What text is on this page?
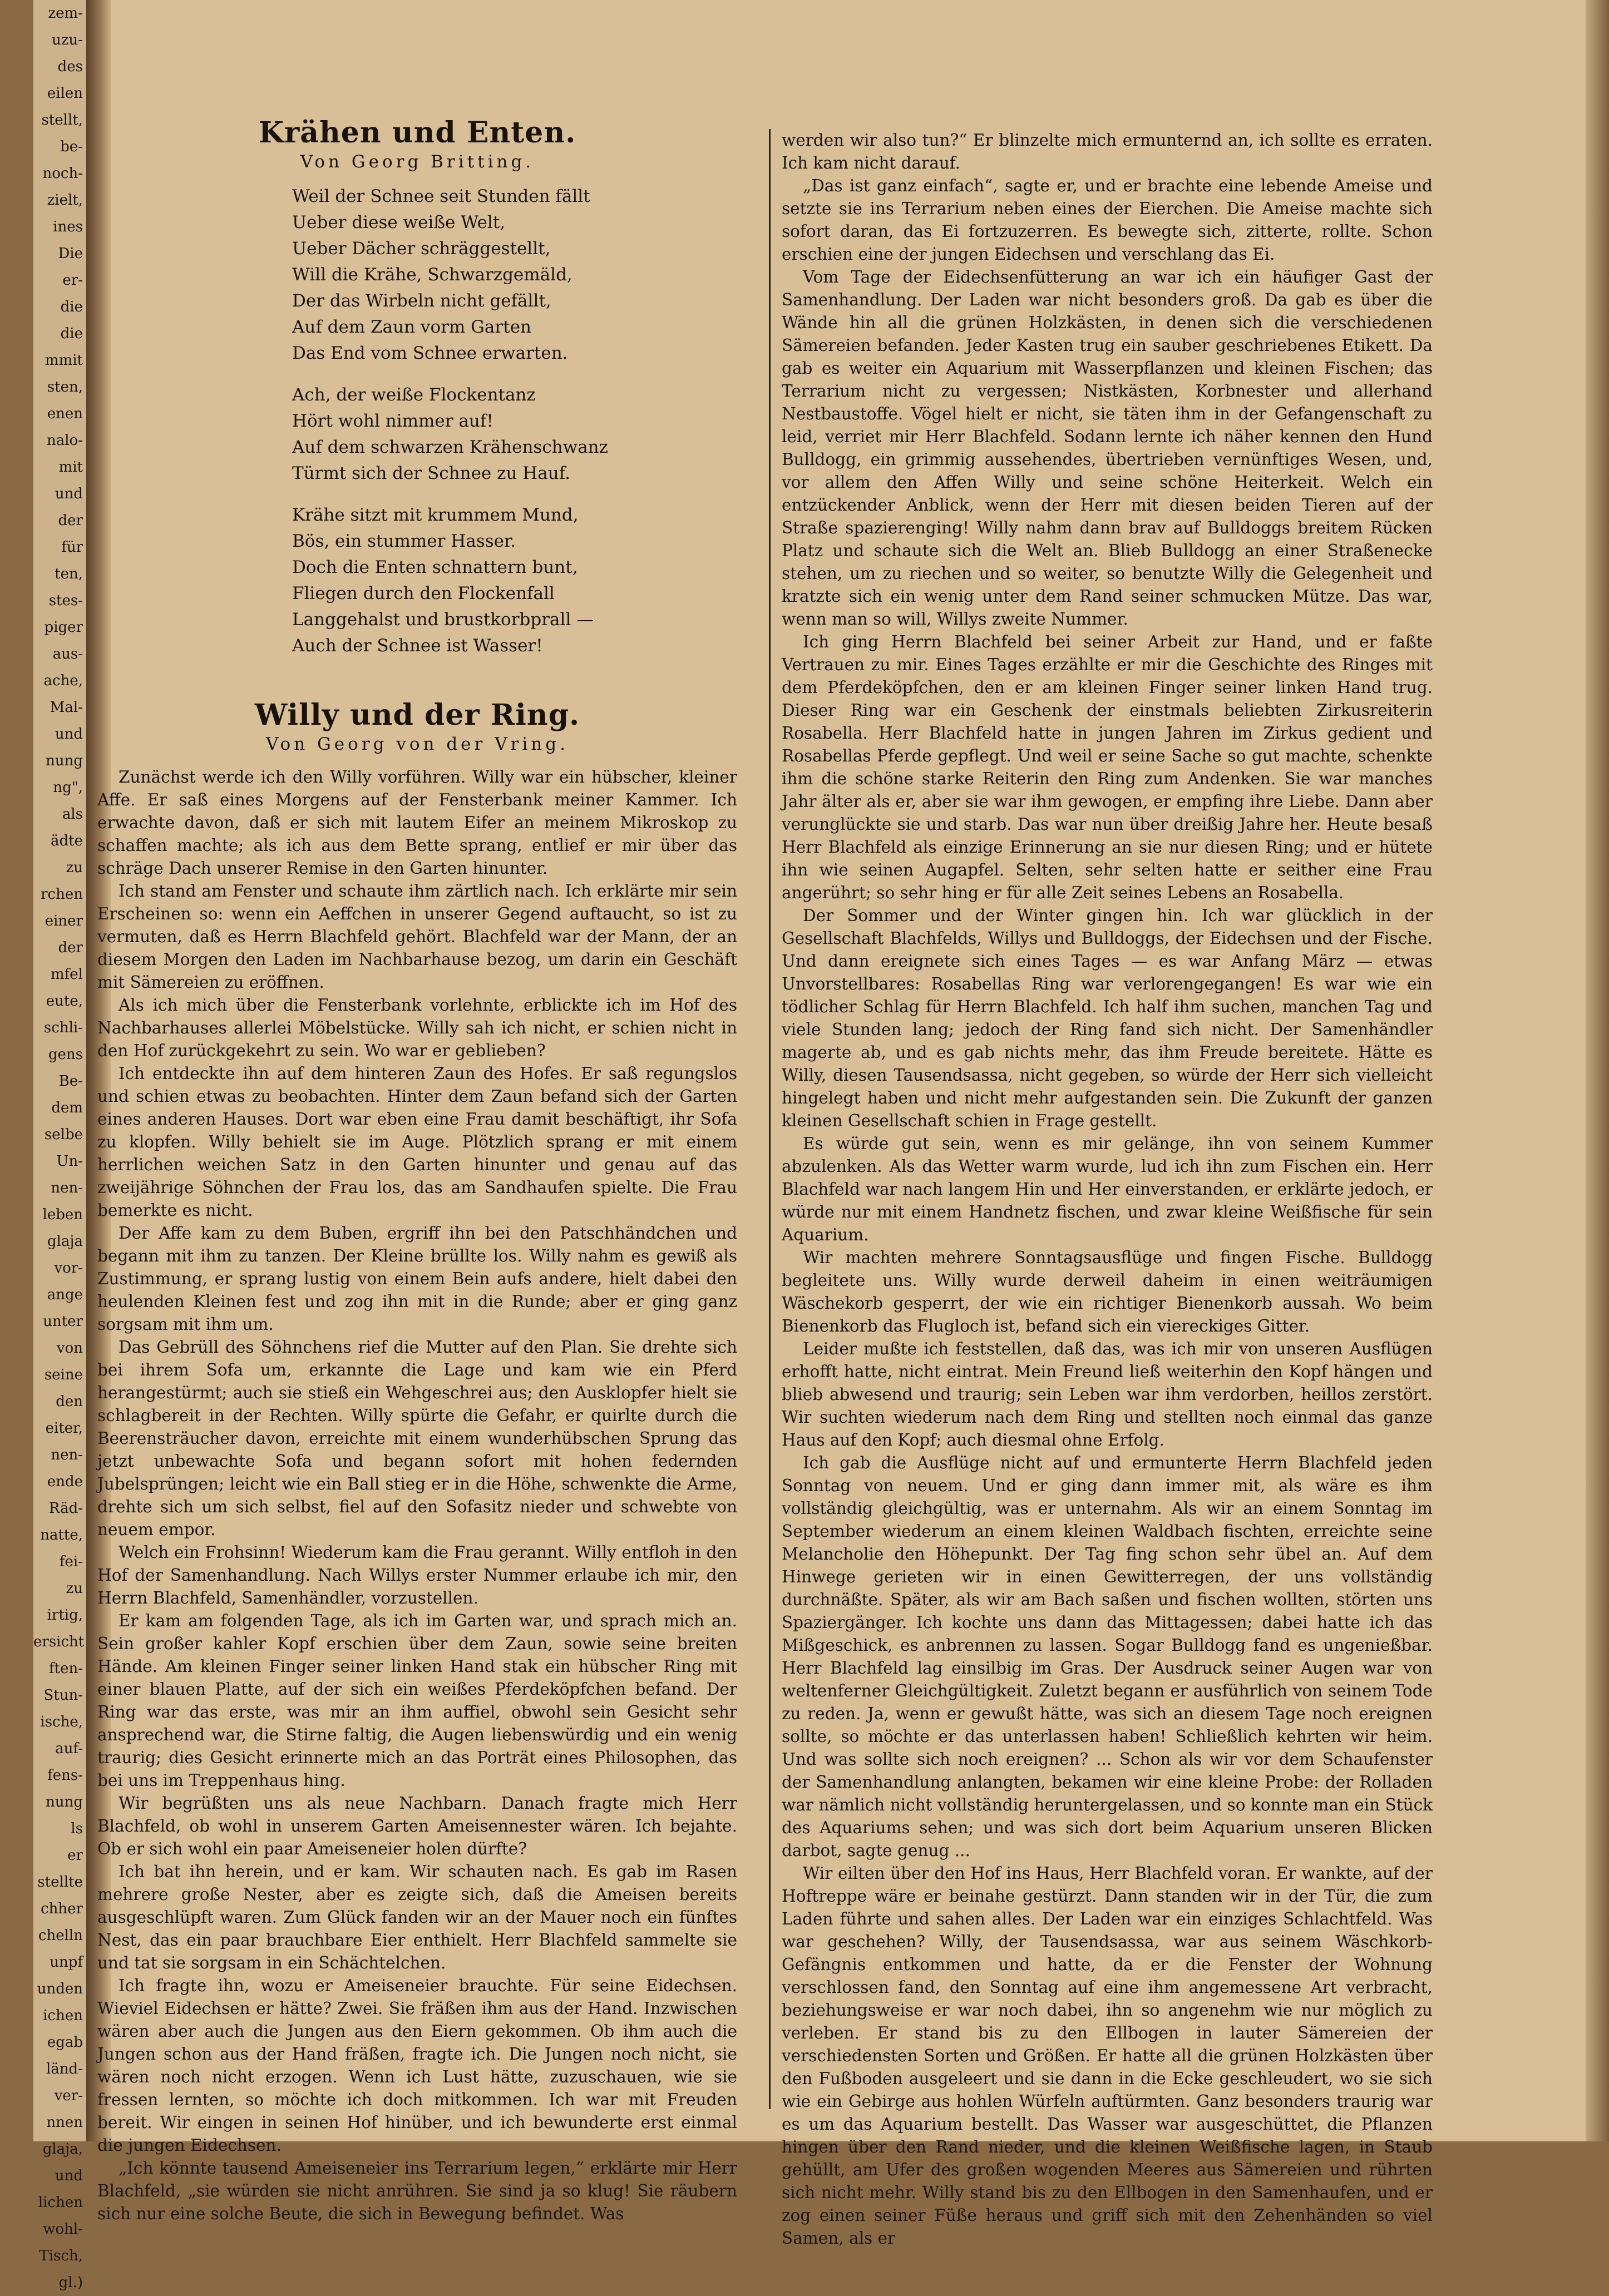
zem-
uzu-
des
eilen
stellt,
be-
noch-
zielt,
ines
Die
er-
die
die
mmit
sten,
enen
nalo-
mit
und
der
für
ten,
stes-
piger
aus-
ache,
Mal-
und
nung
ng",
als
ädte
zu
rchen
einer
der
mfel
eute,
schli-
gens
Be-
dem
selbe
Un-
nen-
leben
glaja
vor-
ange
unter
von
seine
den
eiter,
nen-
ende
Räd-
natte,
fei-
zu
irtig,
ersicht
ften-
Stun-
ische,
auf-
fens-
nung
ls
er
stellte
chher
chelln
unpf
unden
ichen
egab
länd-
ver-
nnen
glaja,
und
lichen
wohl-
Tisch,
gl.)
Krähen und Enten.
Von Georg Britting.
Weil der Schnee seit Stunden fällt
Ueber diese weiße Welt,
Ueber Dächer schräggestellt,
Will die Krähe, Schwarzgemäld,
Der das Wirbeln nicht gefällt,
Auf dem Zaun vorm Garten
Das End vom Schnee erwarten.
Ach, der weiße Flockentanz
Hört wohl nimmer auf!
Auf dem schwarzen Krähenschwanz
Türmt sich der Schnee zu Hauf.
Krähe sitzt mit krummem Mund,
Bös, ein stummer Hasser.
Doch die Enten schnattern bunt,
Fliegen durch den Flockenfall
Langgehalst und brustkorbprall —
Auch der Schnee ist Wasser!
Willy und der Ring.
Von Georg von der Vring.

Zunächst werde ich den Willy vorführen. Willy war ein hübscher, kleiner Affe. Er saß eines Morgens auf der Fensterbank meiner Kammer. Ich erwachte davon, daß er sich mit lautem Eifer an meinem Mikroskop zu schaffen machte; als ich aus dem Bette sprang, entlief er mir über das schräge Dach unserer Remise in den Garten hinunter.

Ich stand am Fenster und schaute ihm zärtlich nach. Ich erklärte mir sein Erscheinen so: wenn ein Aeffchen in unserer Gegend auftaucht, so ist zu vermuten, daß es Herrn Blachfeld gehört. Blachfeld war der Mann, der an diesem Morgen den Laden im Nachbarhause bezog, um darin ein Geschäft mit Sämereien zu eröffnen.

Als ich mich über die Fensterbank vorlehnte, erblickte ich im Hof des Nachbarhauses allerlei Möbelstücke. Willy sah ich nicht, er schien nicht in den Hof zurückgekehrt zu sein. Wo war er geblieben?

Ich entdeckte ihn auf dem hinteren Zaun des Hofes. Er saß regungslos und schien etwas zu beobachten. Hinter dem Zaun befand sich der Garten eines anderen Hauses. Dort war eben eine Frau damit beschäftigt, ihr Sofa zu klopfen. Willy behielt sie im Auge. Plötzlich sprang er mit einem herrlichen weichen Satz in den Garten hinunter und genau auf das zweijährige Söhnchen der Frau los, das am Sandhaufen spielte. Die Frau bemerkte es nicht.

Der Affe kam zu dem Buben, ergriff ihn bei den Patschhändchen und begann mit ihm zu tanzen. Der Kleine brüllte los. Willy nahm es gewiß als Zustimmung, er sprang lustig von einem Bein aufs andere, hielt dabei den heulenden Kleinen fest und zog ihn mit in die Runde; aber er ging ganz sorgsam mit ihm um.

Das Gebrüll des Söhnchens rief die Mutter auf den Plan. Sie drehte sich bei ihrem Sofa um, erkannte die Lage und kam wie ein Pferd herangestürmt; auch sie stieß ein Wehgeschrei aus; den Ausklopfer hielt sie schlagbereit in der Rechten. Willy spürte die Gefahr, er quirlte durch die Beerensträucher davon, erreichte mit einem wunderhübschen Sprung das jetzt unbewachte Sofa und begann sofort mit hohen federnden Jubelsprüngen; leicht wie ein Ball stieg er in die Höhe, schwenkte die Arme, drehte sich um sich selbst, fiel auf den Sofasitz nieder und schwebte von neuem empor.

Welch ein Frohsinn! Wiederum kam die Frau gerannt. Willy entfloh in den Hof der Samenhandlung. Nach Willys erster Nummer erlaube ich mir, den Herrn Blachfeld, Samenhändler, vorzustellen.

Er kam am folgenden Tage, als ich im Garten war, und sprach mich an. Sein großer kahler Kopf erschien über dem Zaun, sowie seine breiten Hände. Am kleinen Finger seiner linken Hand stak ein hübscher Ring mit einer blauen Platte, auf der sich ein weißes Pferdeköpfchen befand. Der Ring war das erste, was mir an ihm auffiel, obwohl sein Gesicht sehr ansprechend war, die Stirne faltig, die Augen liebenswürdig und ein wenig traurig; dies Gesicht erinnerte mich an das Porträt eines Philosophen, das bei uns im Treppenhaus hing.

Wir begrüßten uns als neue Nachbarn. Danach fragte mich Herr Blachfeld, ob wohl in unserem Garten Ameisennester wären. Ich bejahte. Ob er sich wohl ein paar Ameiseneier holen dürfte?

Ich bat ihn herein, und er kam. Wir schauten nach. Es gab im Rasen mehrere große Nester, aber es zeigte sich, daß die Ameisen bereits ausgeschlüpft waren. Zum Glück fanden wir an der Mauer noch ein fünftes Nest, das ein paar brauchbare Eier enthielt. Herr Blachfeld sammelte sie und tat sie sorgsam in ein Schächtelchen.

Ich fragte ihn, wozu er Ameiseneier brauchte. Für seine Eidechsen. Wieviel Eidechsen er hätte? Zwei. Sie fräßen ihm aus der Hand. Inzwischen wären aber auch die Jungen aus den Eiern gekommen. Ob ihm auch die Jungen schon aus der Hand fräßen, fragte ich. Die Jungen noch nicht, sie wären noch nicht erzogen. Wenn ich Lust hätte, zuzuschauen, wie sie fressen lernten, so möchte ich doch mitkommen. Ich war mit Freuden bereit. Wir eingen in seinen Hof hinüber, und ich bewunderte erst einmal die jungen Eidechsen.

„Ich könnte tausend Ameiseneier ins Terrarium legen,“ erklärte mir Herr Blachfeld, „sie würden sie nicht anrühren. Sie sind ja so klug! Sie räubern sich nur eine solche Beute, die sich in Bewegung befindet. Was

werden wir also tun?“ Er blinzelte mich ermunternd an, ich sollte es erraten. Ich kam nicht darauf.

„Das ist ganz einfach“, sagte er, und er brachte eine lebende Ameise und setzte sie ins Terrarium neben eines der Eierchen. Die Ameise machte sich sofort daran, das Ei fortzuzerren. Es bewegte sich, zitterte, rollte. Schon erschien eine der jungen Eidechsen und verschlang das Ei.

Vom Tage der Eidechsenfütterung an war ich ein häufiger Gast der Samenhandlung. Der Laden war nicht besonders groß. Da gab es über die Wände hin all die grünen Holzkästen, in denen sich die verschiedenen Sämereien befanden. Jeder Kasten trug ein sauber geschriebenes Etikett. Da gab es weiter ein Aquarium mit Wasserpflanzen und kleinen Fischen; das Terrarium nicht zu vergessen; Nistkästen, Korbnester und allerhand Nestbaustoffe. Vögel hielt er nicht, sie täten ihm in der Gefangenschaft zu leid, verriet mir Herr Blachfeld. Sodann lernte ich näher kennen den Hund Bulldogg, ein grimmig aussehendes, übertrieben vernünftiges Wesen, und, vor allem den Affen Willy und seine schöne Heiterkeit. Welch ein entzückender Anblick, wenn der Herr mit diesen beiden Tieren auf der Straße spazierenging! Willy nahm dann brav auf Bulldoggs breitem Rücken Platz und schaute sich die Welt an. Blieb Bulldogg an einer Straßenecke stehen, um zu riechen und so weiter, so benutzte Willy die Gelegenheit und kratzte sich ein wenig unter dem Rand seiner schmucken Mütze. Das war, wenn man so will, Willys zweite Nummer.

Ich ging Herrn Blachfeld bei seiner Arbeit zur Hand, und er faßte Vertrauen zu mir. Eines Tages erzählte er mir die Geschichte des Ringes mit dem Pferdeköpfchen, den er am kleinen Finger seiner linken Hand trug. Dieser Ring war ein Geschenk der einstmals beliebten Zirkusreiterin Rosabella. Herr Blachfeld hatte in jungen Jahren im Zirkus gedient und Rosabellas Pferde gepflegt. Und weil er seine Sache so gut machte, schenkte ihm die schöne starke Reiterin den Ring zum Andenken. Sie war manches Jahr älter als er, aber sie war ihm gewogen, er empfing ihre Liebe. Dann aber verunglückte sie und starb. Das war nun über dreißig Jahre her. Heute besaß Herr Blachfeld als einzige Erinnerung an sie nur diesen Ring; und er hütete ihn wie seinen Augapfel. Selten, sehr selten hatte er seither eine Frau angerührt; so sehr hing er für alle Zeit seines Lebens an Rosabella.

Der Sommer und der Winter gingen hin. Ich war glücklich in der Gesellschaft Blachfelds, Willys und Bulldoggs, der Eidechsen und der Fische. Und dann ereignete sich eines Tages — es war Anfang März — etwas Unvorstellbares: Rosabellas Ring war verlorengegangen! Es war wie ein tödlicher Schlag für Herrn Blachfeld. Ich half ihm suchen, manchen Tag und viele Stunden lang; jedoch der Ring fand sich nicht. Der Samenhändler magerte ab, und es gab nichts mehr, das ihm Freude bereitete. Hätte es Willy, diesen Tausendsassa, nicht gegeben, so würde der Herr sich vielleicht hingelegt haben und nicht mehr aufgestanden sein. Die Zukunft der ganzen kleinen Gesellschaft schien in Frage gestellt.

Es würde gut sein, wenn es mir gelänge, ihn von seinem Kummer abzulenken. Als das Wetter warm wurde, lud ich ihn zum Fischen ein. Herr Blachfeld war nach langem Hin und Her einverstanden, er erklärte jedoch, er würde nur mit einem Handnetz fischen, und zwar kleine Weißfische für sein Aquarium.

Wir machten mehrere Sonntagsausflüge und fingen Fische. Bulldogg begleitete uns. Willy wurde derweil daheim in einen weiträumigen Wäschekorb gesperrt, der wie ein richtiger Bienenkorb aussah. Wo beim Bienenkorb das Flugloch ist, befand sich ein viereckiges Gitter.

Leider mußte ich feststellen, daß das, was ich mir von unseren Ausflügen erhofft hatte, nicht eintrat. Mein Freund ließ weiterhin den Kopf hängen und blieb abwesend und traurig; sein Leben war ihm verdorben, heillos zerstört. Wir suchten wiederum nach dem Ring und stellten noch einmal das ganze Haus auf den Kopf; auch diesmal ohne Erfolg.

Ich gab die Ausflüge nicht auf und ermunterte Herrn Blachfeld jeden Sonntag von neuem. Und er ging dann immer mit, als wäre es ihm vollständig gleichgültig, was er unternahm. Als wir an einem Sonntag im September wiederum an einem kleinen Waldbach fischten, erreichte seine Melancholie den Höhepunkt. Der Tag fing schon sehr übel an. Auf dem Hinwege gerieten wir in einen Gewitterregen, der uns vollständig durchnäßte. Später, als wir am Bach saßen und fischen wollten, störten uns Spaziergänger. Ich kochte uns dann das Mittagessen; dabei hatte ich das Mißgeschick, es anbrennen zu lassen. Sogar Bulldogg fand es ungenießbar. Herr Blachfeld lag einsilbig im Gras. Der Ausdruck seiner Augen war von weltenferner Gleichgültigkeit. Zuletzt begann er ausführlich von seinem Tode zu reden. Ja, wenn er gewußt hätte, was sich an diesem Tage noch ereignen sollte, so möchte er das unterlassen haben! Schließlich kehrten wir heim. Und was sollte sich noch ereignen? ... Schon als wir vor dem Schaufenster der Samenhandlung anlangten, bekamen wir eine kleine Probe: der Rolladen war nämlich nicht vollständig heruntergelassen, und so konnte man ein Stück des Aquariums sehen; und was sich dort beim Aquarium unseren Blicken darbot, sagte genug ...

Wir eilten über den Hof ins Haus, Herr Blachfeld voran. Er wankte, auf der Hoftreppe wäre er beinahe gestürzt. Dann standen wir in der Tür, die zum Laden führte und sahen alles. Der Laden war ein einziges Schlachtfeld. Was war geschehen? Willy, der Tausendsassa, war aus seinem Wäschkorb-Gefängnis entkommen und hatte, da er die Fenster der Wohnung verschlossen fand, den Sonntag auf eine ihm angemessene Art verbracht, beziehungsweise er war noch dabei, ihn so angenehm wie nur möglich zu verleben. Er stand bis zu den Ellbogen in lauter Sämereien der verschiedensten Sorten und Größen. Er hatte all die grünen Holzkästen über den Fußboden ausgeleert und sie dann in die Ecke geschleudert, wo sie sich wie ein Gebirge aus hohlen Würfeln auftürmten. Ganz besonders traurig war es um das Aquarium bestellt. Das Wasser war ausgeschüttet, die Pflanzen hingen über den Rand nieder, und die kleinen Weißfische lagen, in Staub gehüllt, am Ufer des großen wogenden Meeres aus Sämereien und rührten sich nicht mehr. Willy stand bis zu den Ellbogen in den Samenhaufen, und er zog einen seiner Füße heraus und griff sich mit den Zehenhänden so viel Samen, als er
